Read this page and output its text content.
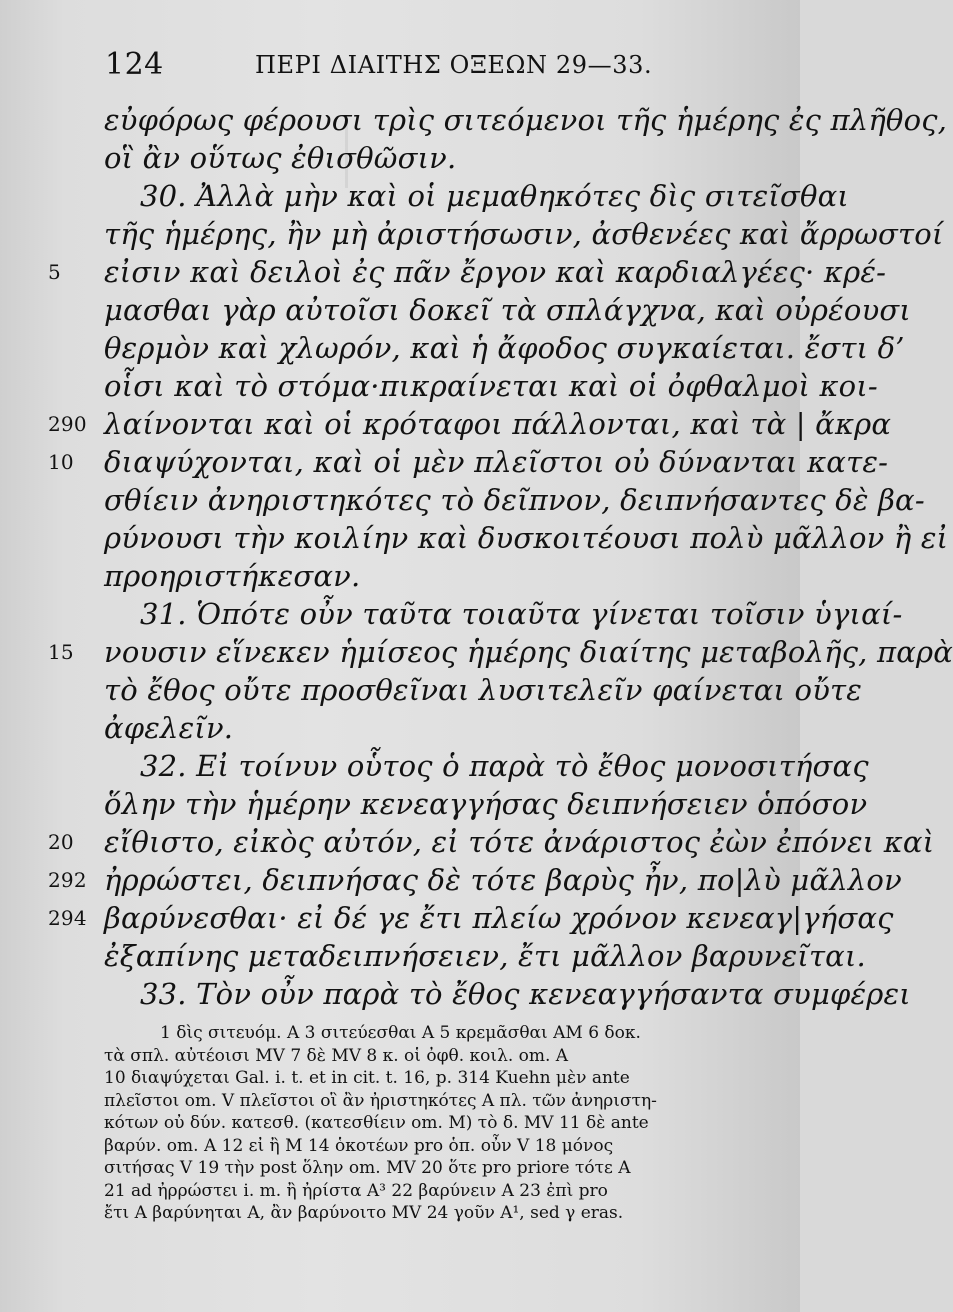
124	ΠΕΡΙ ΔΙΑΙΤΗΣ ΟΞΕΩΝ 29—33.
εὐφόρως φέρουσι τρὶς σιτεόμενοι τῆς ἡμέρης ἐς πλῆθος,
οἳ ἂν οὕτως ἐθισθῶσιν.
30. Ἀλλὰ μὴν καὶ οἱ μεμαθηκότες δὶς σιτεῖσθαι
τῆς ἡμέρης, ἢν μὴ ἀριστήσωσιν, ἀσθενέες καὶ ἄρρωστοί
5	εἰσιν καὶ δειλοὶ ἐς πᾶν ἔργον καὶ καρδιαλγέες· κρέ-
μασθαι γὰρ αὐτοῖσι δοκεῖ τὰ σπλάγχνα, καὶ οὐρέουσι
θερμὸν καὶ χλωρόν, καὶ ἡ ἄφοδος συγκαίεται. ἔστι δ’
οἷσι καὶ τὸ στόμα·πικραίνεται καὶ οἱ ὀφθαλμοὶ κοι-
290 λαίνονται καὶ οἱ κρόταφοι πάλλονται, καὶ τὰ | ἄκρα
10	διαψύχονται, καὶ οἱ μὲν πλεῖστοι οὐ δύνανται κατε-
σθίειν ἀνηριστηκότες τὸ δεῖπνον, δειπνήσαντες δὲ βα-
ρύνουσι τὴν κοιλίην καὶ δυσκοιτέουσι πολὺ μᾶλλον ἢ εἰ
προηριστήκεσαν.
31. Ὁπότε οὖν ταῦτα τοιαῦτα γίνεται τοῖσιν ὑγιαί-
15	νουσιν εἵνεκεν ἡμίσεος ἡμέρης διαίτης μεταβολῆς, παρὰ
τὸ ἔθος οὔτε προσθεῖναι λυσιτελεῖν φαίνεται οὔτε
ἀφελεῖν.
32. Εἰ τοίνυν οὗτος ὁ παρὰ τὸ ἔθος μονοσιτήσας
ὅλην τὴν ἡμέρην κενεαγγήσας δειπνήσειεν ὁπόσον
20	εἴθιστο, εἰκὸς αὐτόν, εἰ τότε ἀνάριστος ἐὼν ἐπόνει καὶ
292 ἠρρώστει, δειπνήσας δὲ τότε βαρὺς ἦν, πο|λὺ μᾶλλον
294 βαρύνεσθαι· εἰ δέ γε ἔτι πλείω χρόνον κενεαγ|γήσας
ἐξαπίνης μεταδειπνήσειεν, ἔτι μᾶλλον βαρυνεῖται.
33. Τὸν οὖν παρὰ τὸ ἔθος κενεαγγήσαντα συμφέρει
1 δὶς σιτευόμ. A 3 σιτεύεσθαι A 5 κρεμᾶσθαι AM 6 δοκ.
τὰ σπλ. αὐτέοισι MV 7 δὲ MV 8 κ. οἱ ὀφθ. κοιλ. om. A
10 διαψύχεται Gal. i. t. et in cit. t. 16, p. 314 Kuehn μὲν ante
πλεῖστοι om. V πλεῖστοι οἳ ἂν ἠριστηκότες A πλ. τῶν ἀνηριστη-
κότων οὐ δύν. κατεσθ. (κατεσθίειν om. M) τὸ δ. MV 11 δὲ ante
βαρύν. om. A 12 εἰ ἢ M 14 ὁκοτέων pro ὁπ. οὖν V 18 μόνος
σιτήσας V 19 τὴν post ὅλην om. MV 20 ὅτε pro priore τότε A
21 ad ἠρρώστει i. m. ἢ ἠρίστα A³ 22 βαρύνειν A 23 ἐπὶ pro
ἔτι A βαρύνηται A, ἂν βαρύνοιτο MV 24 γοῦν A¹, sed γ eras.
